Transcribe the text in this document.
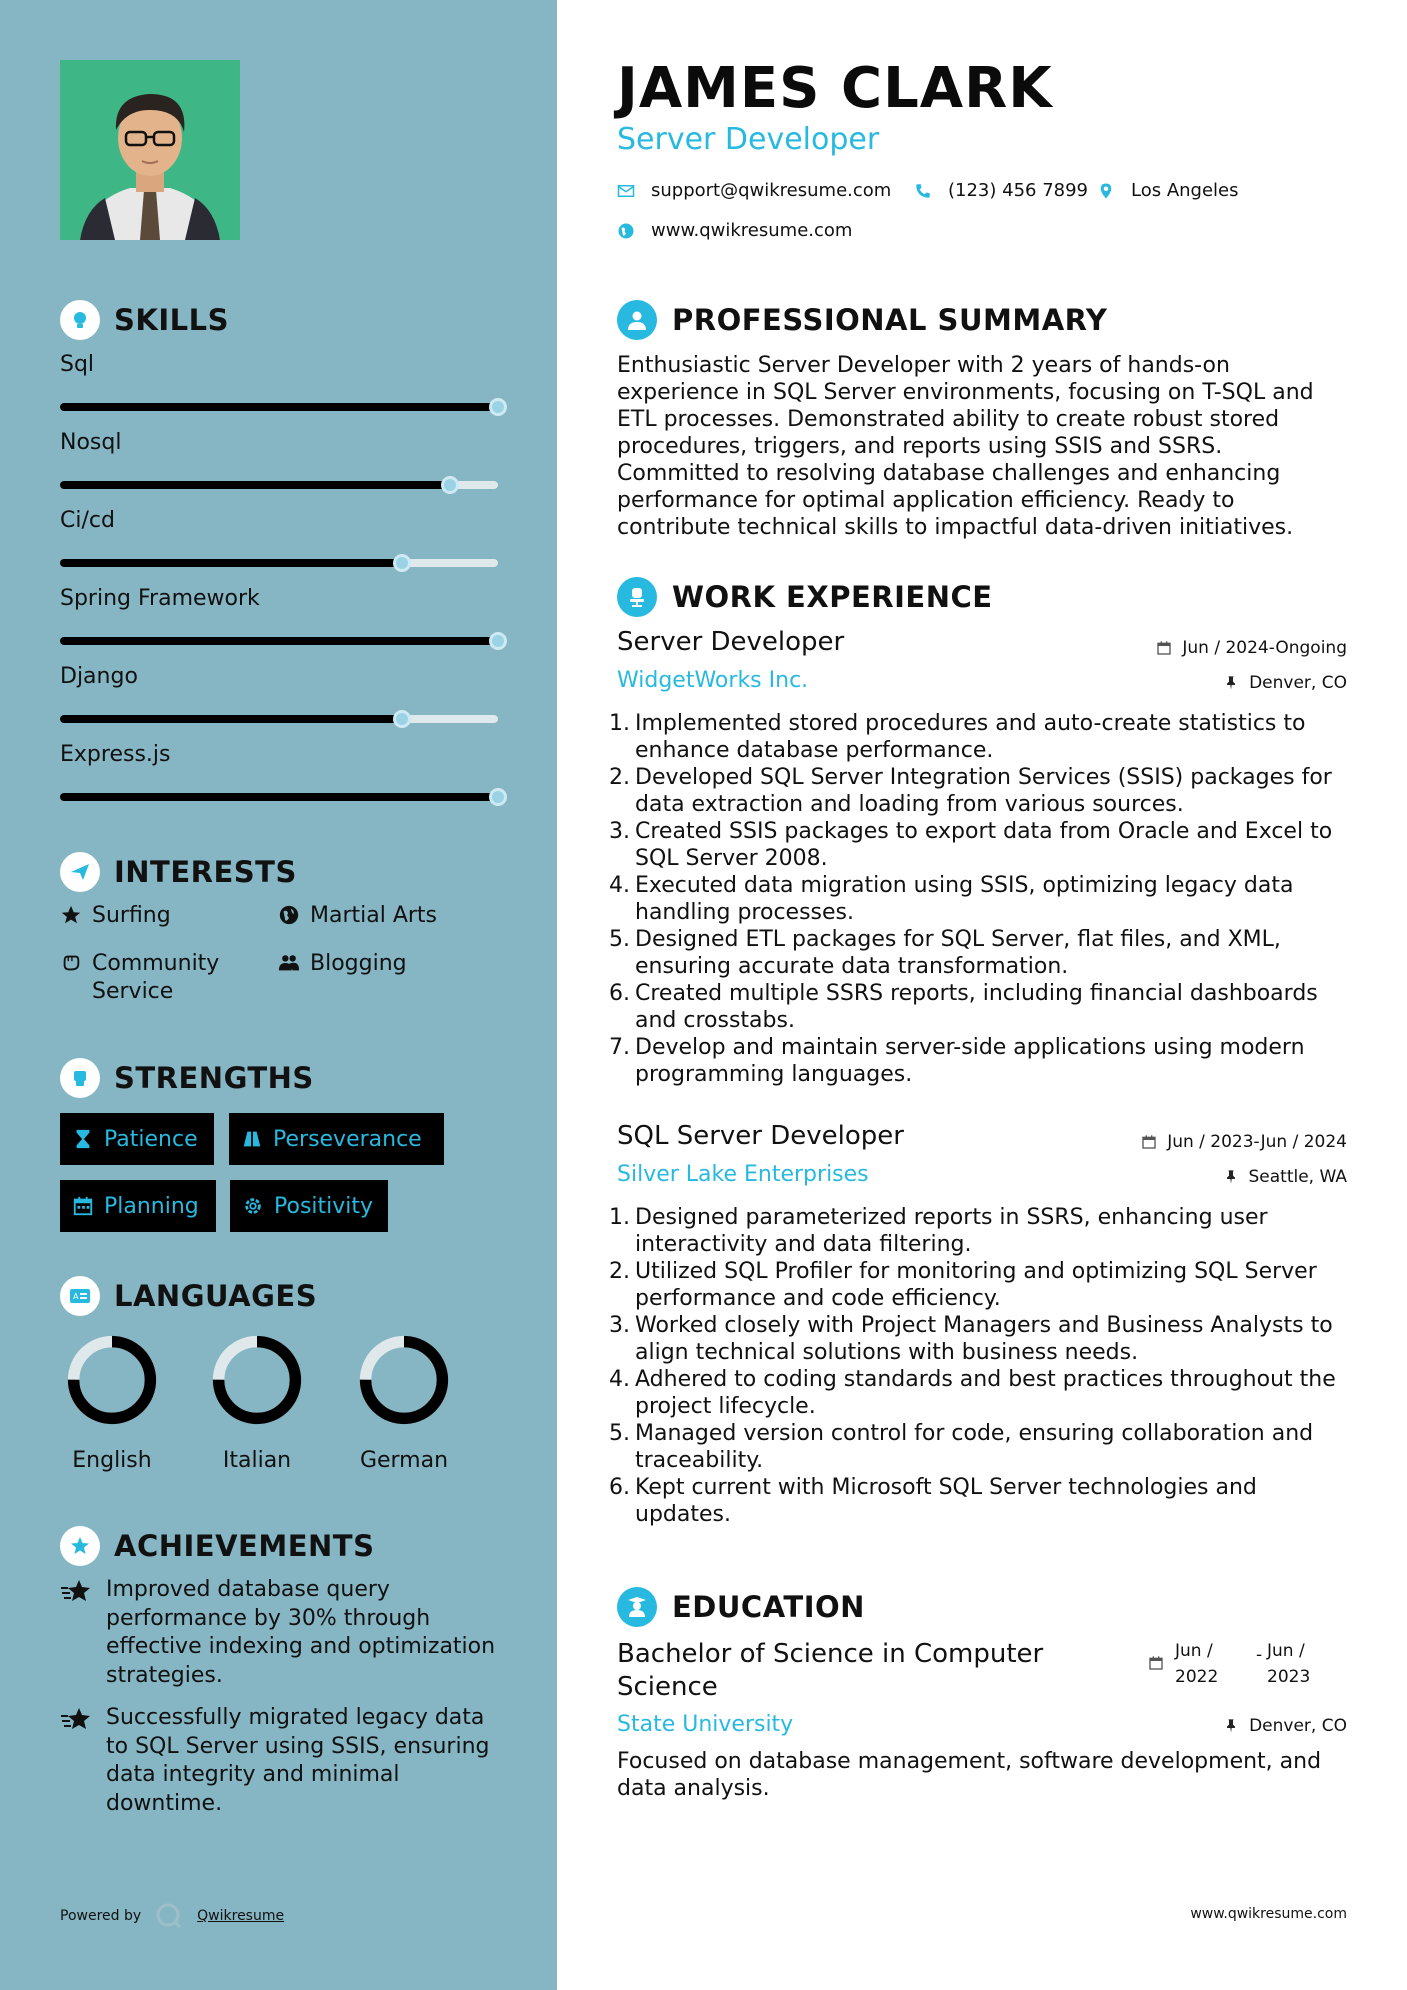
SKILLS
Sql
Nosql
Ci/cd
Spring Framework
Django
Express.js
INTERESTS
Surfing	Martial Arts
Community Service
Blogging
STRENGTHS
Patience	Perseverance
Planning	Positivity
A LANGUAGES
English	Italian	German
ACHIEVEMENTS
Improved database query performance by 30% through effective indexing and optimization strategies.
Successfully migrated legacy data to SQL Server using SSIS, ensuring data integrity and minimal downtime.
Powered by	Qwikresume
JAMES CLARK
Server Developer
support@qwikresume.com	(123) 456 7899 Los Angeles
www.qwikresume.com
PROFESSIONAL SUMMARY
Enthusiastic Server Developer with 2 years of hands-on experience in SQL Server environments, focusing on T-SQL and ETL processes. Demonstrated ability to create robust stored procedures, triggers, and reports using SSIS and SSRS. Committed to resolving database challenges and enhancing performance for optimal application efficiency. Ready to contribute technical skills to impactful data-driven initiatives.
WORK EXPERIENCE
Server Developer	Jun / 2024-Ongoing
WidgetWorks Inc.	Denver, CO
Implemented stored procedures and auto-create statistics to enhance database performance.
Developed SQL Server Integration Services (SSIS) packages for data extraction and loading from various sources.
Created SSIS packages to export data from Oracle and Excel to SQL Server 2008.
Executed data migration using SSIS, optimizing legacy data handling processes.
Designed ETL packages for SQL Server, flat files, and XML, ensuring accurate data transformation.
Created multiple SSRS reports, including financial dashboards and crosstabs.
Develop and maintain server-side applications using modern programming languages.
SQL Server Developer	Jun / 2023-Jun / 2024
Silver Lake Enterprises	Seattle, WA
Designed parameterized reports in SSRS, enhancing user interactivity and data filtering.
Utilized SQL Profiler for monitoring and optimizing SQL Server performance and code efficiency.
Worked closely with Project Managers and Business Analysts to align technical solutions with business needs.
Adhered to coding standards and best practices throughout the project lifecycle.
Managed version control for code, ensuring collaboration and traceability.
Kept current with Microsoft SQL Server technologies and updates.
EDUCATION
Bachelor of Science in Computer Science
Jun /
2022
- Jun /
2023
State University	Denver, CO
Focused on database management, software development, and data analysis.
www.qwikresume.com
